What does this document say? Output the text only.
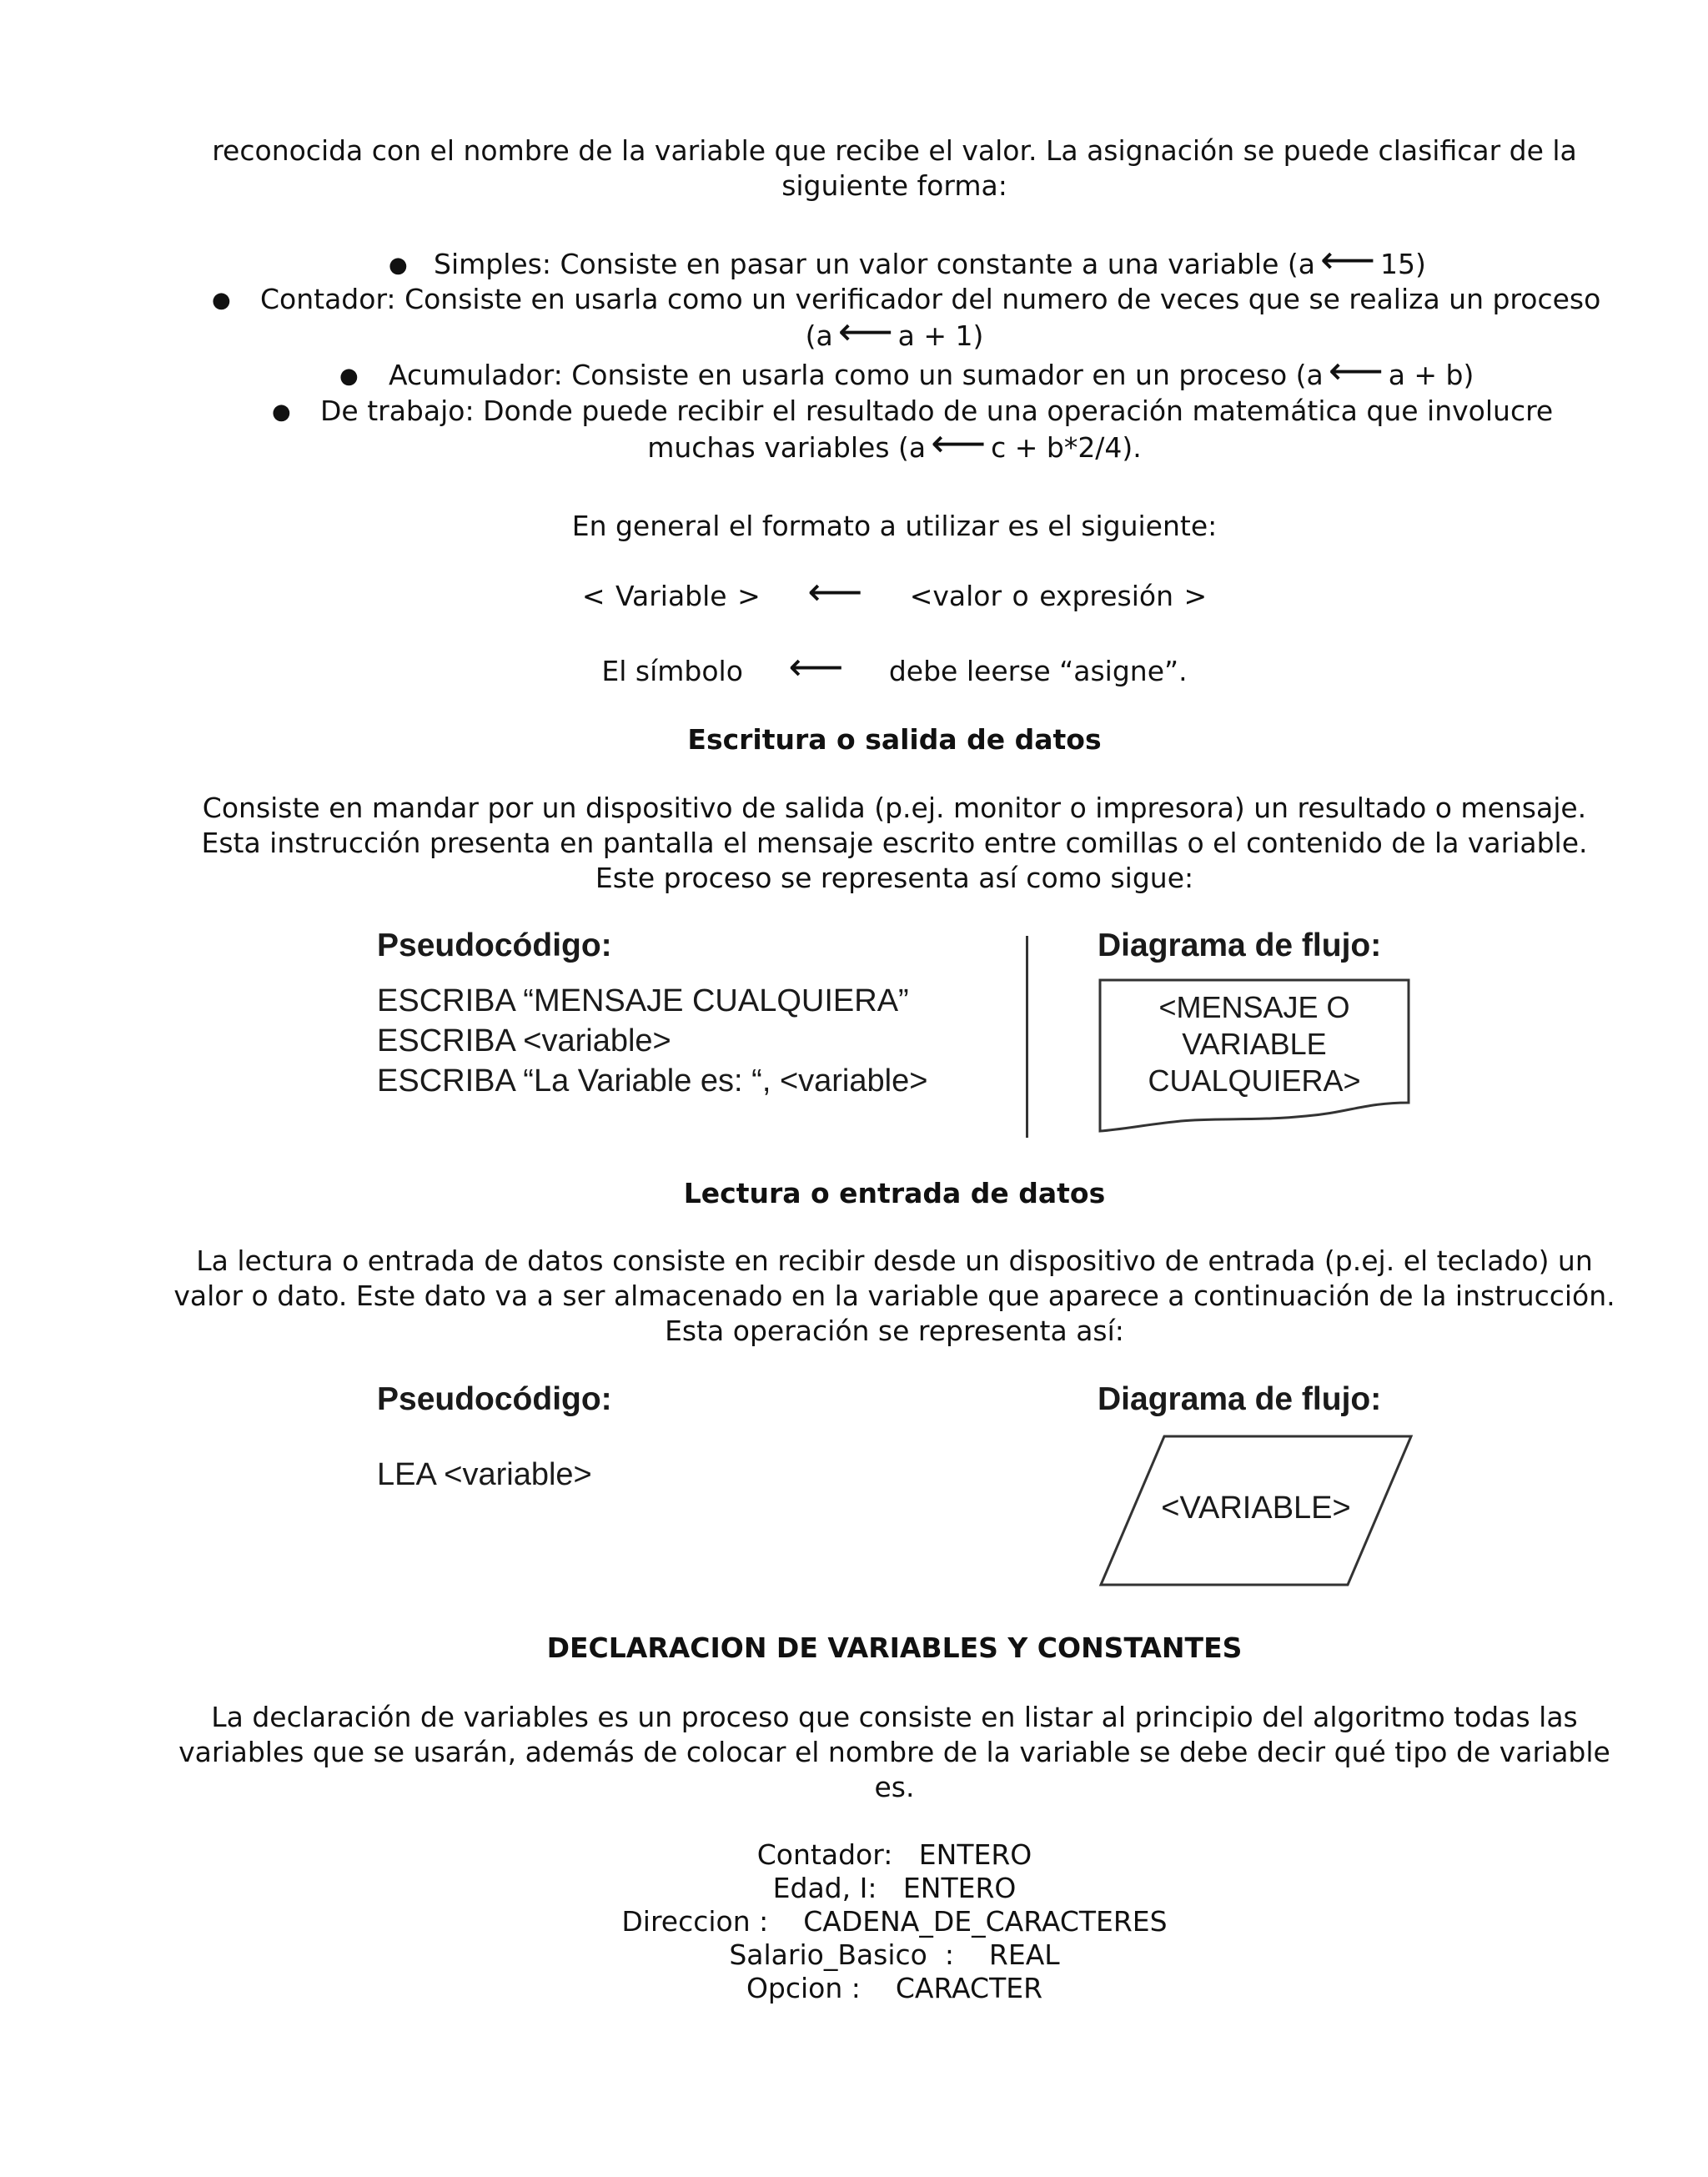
reconocida con el nombre de la variable que recibe el valor. La asignación se puede clasificar de la

siguiente forma:

● Simples: Consiste en pasar un valor constante a una variable (a ⟵ 15)

● Contador: Consiste en usarla como un verificador del numero de veces que se realiza un proceso

(a ⟵ a + 1)

● Acumulador: Consiste en usarla como un sumador en un proceso (a ⟵ a + b)

● De trabajo: Donde puede recibir el resultado de una operación matemática que involucre

muchas variables (a ⟵ c + b*2/4).

En general el formato a utilizar es el siguiente:

< Variable > ⟵ <valor o expresión >

El símbolo ⟵ debe leerse “asigne”.

Escritura o salida de datos

Consiste en mandar por un dispositivo de salida (p.ej. monitor o impresora) un resultado o mensaje.

Esta instrucción presenta en pantalla el mensaje escrito entre comillas o el contenido de la variable.

Este proceso se representa así como sigue:

Pseudocódigo:
ESCRIBA “MENSAJE CUALQUIERA”
ESCRIBA <variable>
ESCRIBA “La Variable es: “, <variable>
Diagrama de flujo:
<MENSAJE O
VARIABLE
CUALQUIERA>

Lectura o entrada de datos

La lectura o entrada de datos consiste en recibir desde un dispositivo de entrada (p.ej. el teclado) un

valor o dato. Este dato va a ser almacenado en la variable que aparece a continuación de la instrucción.

Esta operación se representa así:

Pseudocódigo:
LEA <variable>
Diagrama de flujo:
<VARIABLE>

DECLARACION DE VARIABLES Y CONSTANTES

La declaración de variables es un proceso que consiste en listar al principio del algoritmo todas las

variables que se usarán, además de colocar el nombre de la variable se debe decir qué tipo de variable

es.

Contador:   ENTERO

Edad, I:   ENTERO

Direccion :    CADENA_DE_CARACTERES

Salario_Basico  :    REAL

Opcion :    CARACTER
